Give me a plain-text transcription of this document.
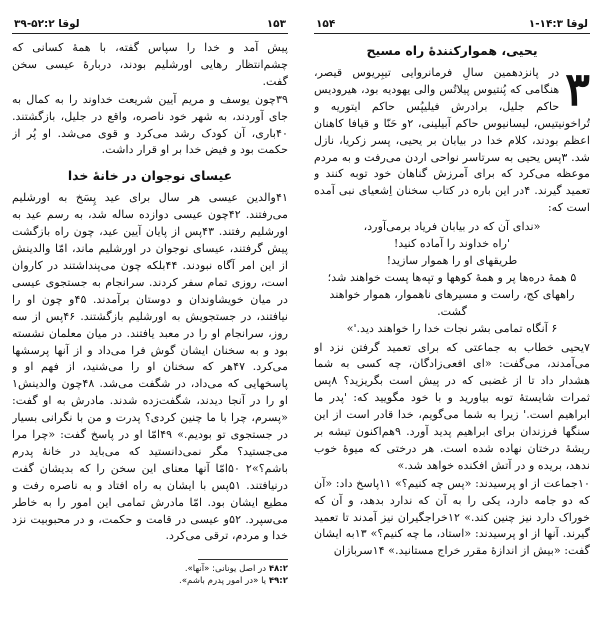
لوقا ۳:‏۱-۱۴
۱۵۴
یحیی، هموارکنندهٔ راه مسیح
۳

در پانزدهمین سالِ فرمانروایی تیبِریوس قیصر، هنگامی که پُنتیوس پیلاتُس والی یهودیه بود، هیرودیس حاکم جلیل، برادرش فیلیپُس حاکم ایتوریه و تُراخونیتیس، لیسانیوس حاکم آبیلینی، ۲و حَنّا و قیافا کاهنان اعظم بودند، کلام خدا در بیابان بر یحیی، پسر زکریا، نازل شد. ۳پس یحیی به سرتاسر نواحی اردن می‌رفت و به مردم موعظه می‌کرد که برای آمرزش گناهان خود توبه کنند و تعمید گیرند. ۴در این باره در کتاب سخنان اِشعیای نبی آمده است که:

«ندای آن که در بیابان فریاد برمی‌آورد،
'راه خداوند را آماده کنید!
طریقهای او را هموار سازید!
۵ همهٔ دره‌ها پر و همهٔ کوهها و تپه‌ها پست خواهند شد؛
راههای کج، راست و مسیرهای ناهموار، هموار خواهند گشت.
۶ آنگاه تمامی بشر نجات خدا را خواهند دید.'»

۷یحیی خطاب به جماعتی که برای تعمید گرفتن نزد او می‌آمدند، می‌گفت: «ای افعی‌زادگان، چه کسی به شما هشدار داد تا از غضبی که در پیش است بگریزید؟ ۸پس ثمرات شایستهٔ توبه بیاورید و با خود مگویید که: 'پدر ما ابراهیم است.' زیرا به شما می‌گویم، خدا قادر است از این سنگها فرزندان برای ابراهیم پدید آورد. ۹هم‌اکنون تیشه بر ریشهٔ درختان نهاده شده است. هر درختی که میوهٔ خوب ندهد، بریده و در آتش افکنده خواهد شد.»

۱۰جماعت از او پرسیدند: «پس چه کنیم؟» ۱۱پاسخ داد: «آن که دو جامه دارد، یکی را به آن که ندارد بدهد، و آن که خوراک دارد نیز چنین کند.» ۱۲خراجگیران نیز آمدند تا تعمید گیرند. آنها از او پرسیدند: «استاد، ما چه کنیم؟» ۱۳به ایشان گفت: «بیش از اندازهٔ مقرر خراج مستانید.» ۱۴سربازان

۱۵۳
لوقا ۲:‏۳۹-۵۲

پیش آمد و خدا را سپاس گفته، با همهٔ کسانی که چشم‌انتظار رهایی اورشلیم بودند، دربارهٔ عیسی سخن گفت.

۳۹چون یوسف و مریم آیین شریعت خداوند را به کمال به جای آوردند، به شهر خود ناصره، واقع در جلیل، بازگشتند. ۴۰باری، آن کودک رشد می‌کرد و قوی می‌شد. او پُر از حکمت بود و فیض خدا بر او قرار داشت.

عیسای نوجوان در خانهٔ خدا

۴۱والدین عیسی هر سال برای عید پِسَخ به اورشلیم می‌رفتند. ۴۲چون عیسی دوازده ساله شد، به رسم عید به اورشلیم رفتند. ۴۳پس از پایان آیین عید، چون راه بازگشت پیش گرفتند، عیسای نوجوان در اورشلیم ماند، امّا والدینش از این امر آگاه نبودند. ۴۴بلکه چون می‌پنداشتند در کاروان است، روزی تمام سفر کردند. سرانجام به جستجوی عیسی در میان خویشاوندان و دوستان برآمدند. ۴۵و چون او را نیافتند، در جستجویش به اورشلیم بازگشتند. ۴۶پس از سه روز، سرانجام او را در معبد یافتند. در میان معلمان نشسته بود و به سخنان ایشان گوش فرا می‌داد و از آنها پرسشها می‌کرد. ۴۷هر که سخنان او را می‌شنید، از فهم او و پاسخهایی که می‌داد، در شگفت می‌شد. ۴۸چون والدینش۱ او را در آنجا دیدند، شگفت‌زده شدند. مادرش به او گفت: «پسرم، چرا با ما چنین کردی؟ پدرت و من با نگرانی بسیار در جستجوی تو بودیم.» ۴۹امّا او در پاسخ گفت: «چرا مرا می‌جستید؟ مگر نمی‌دانستید که می‌باید در خانهٔ پدرم باشم؟»۲ ۵۰امّا آنها معنای این سخن را که بدیشان گفت درنیافتند. ۵۱پس با ایشان به راه افتاد و به ناصره رفت و مطیع ایشان بود. امّا مادرش تمامی این امور را به خاطر می‌سپرد. ۵۲و عیسی در قامت و حکمت، و در محبوبیت نزد خدا و مردم، ترقی می‌کرد.

۴۸:۲ در اصل یونانی: «آنها».
۴۹:۲ یا «در امور پدرم باشم».
